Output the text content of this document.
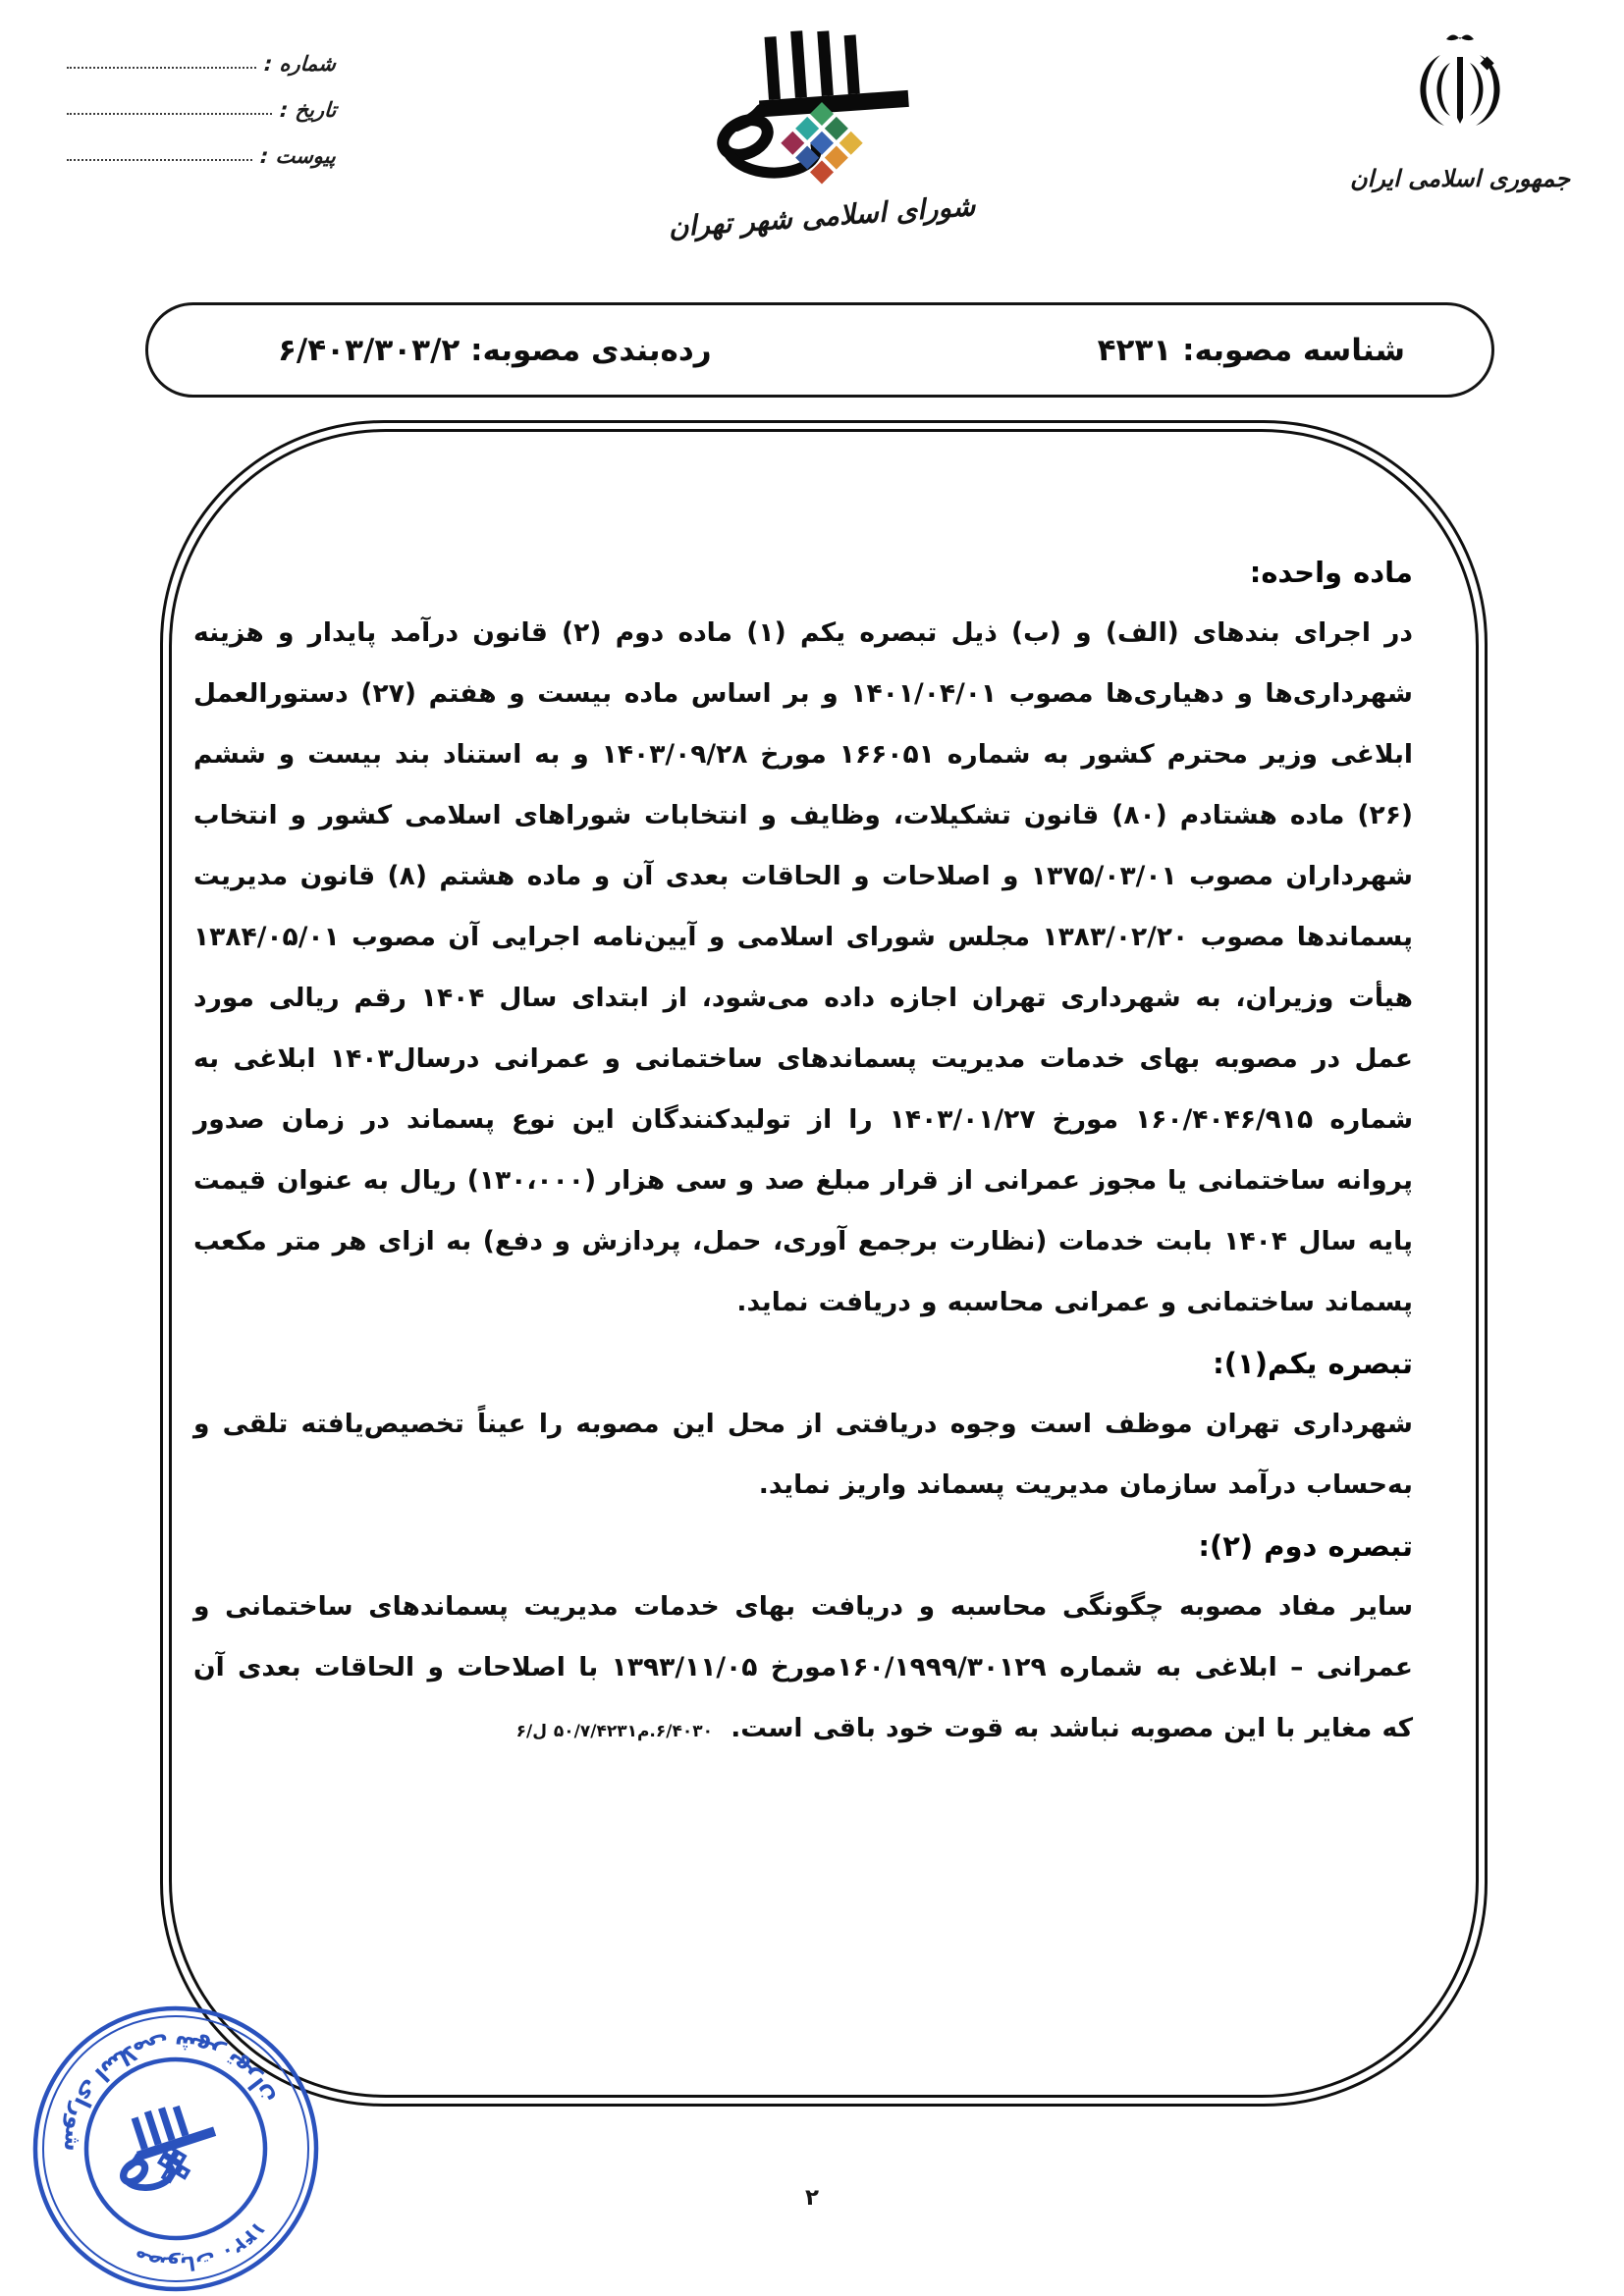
شماره :
تاریخ :
پیوست :
شورای اسلامی شهر تهران
جمهوری اسلامی ایران
شناسه مصوبه: ۴۲۳۱
رده‌بندی مصوبه: ۶/۴۰۳/۳۰۳/۲
ماده واحده:

در اجرای بندهای (الف) و (ب) ذیل تبصره یکم (۱) ماده دوم (۲) قانون درآمد پایدار و هزینه شهرداری‌ها و دهیاری‌ها مصوب ۱۴۰۱/۰۴/۰۱ و بر اساس ماده بیست و هفتم (۲۷) دستورالعمل ابلاغی وزیر محترم کشور به شماره ۱۶۶۰۵۱ مورخ ۱۴۰۳/۰۹/۲۸ و به استناد بند بیست و ششم (۲۶) ماده هشتادم (۸۰) قانون تشکیلات، وظایف و انتخابات شوراهای اسلامی کشور و انتخاب شهرداران مصوب ۱۳۷۵/۰۳/۰۱ و اصلاحات و الحاقات بعدی آن و ماده هشتم (۸) قانون مدیریت پسماندها مصوب ۱۳۸۳/۰۲/۲۰ مجلس شورای اسلامی و آیین‌نامه اجرایی آن مصوب ۱۳۸۴/۰۵/۰۱ هیأت وزیران، به شهرداری تهران اجازه داده می‌شود، از ابتدای سال ۱۴۰۴ رقم ریالی مورد عمل در مصوبه بهای خدمات مدیریت پسماندهای ساختمانی و عمرانی درسال۱۴۰۳ ابلاغی به شماره ۱۶۰/۴۰۴۶/۹۱۵ مورخ ۱۴۰۳/۰۱/۲۷ را از تولیدکنندگان این نوع پسماند در زمان صدور پروانه ساختمانی یا مجوز عمرانی از قرار مبلغ صد و سی هزار (۱۳۰،۰۰۰) ریال به عنوان قیمت پایه سال ۱۴۰۴ بابت خدمات (نظارت برجمع آوری، حمل، پردازش و دفع) به ازای هر متر مکعب پسماند ساختمانی و عمرانی محاسبه و دریافت نماید.

تبصره یکم(۱):

شهرداری تهران موظف است وجوه دریافتی از محل این مصوبه را عیناً تخصیص‌یافته تلقی و به‌حساب درآمد سازمان مدیریت پسماند واریز نماید.

تبصره دوم (۲):

سایر مفاد مصوبه چگونگی محاسبه و دریافت بهای خدمات مدیریت پسماندهای ساختمانی و عمرانی – ابلاغی به شماره ۱۶۰/۱۹۹۹/۳۰۱۲۹مورخ ۱۳۹۳/۱۱/۰۵ با اصلاحات و الحاقات بعدی آن که مغایر با این مصوبه نباشد به قوت خود باقی است. ۶/۴۰۳۰.م۵۰/۷/۴۲۳۱ ل/۶

شورای اسلامی شهر تهران
مصوبات ۱۴۲۰
۲
